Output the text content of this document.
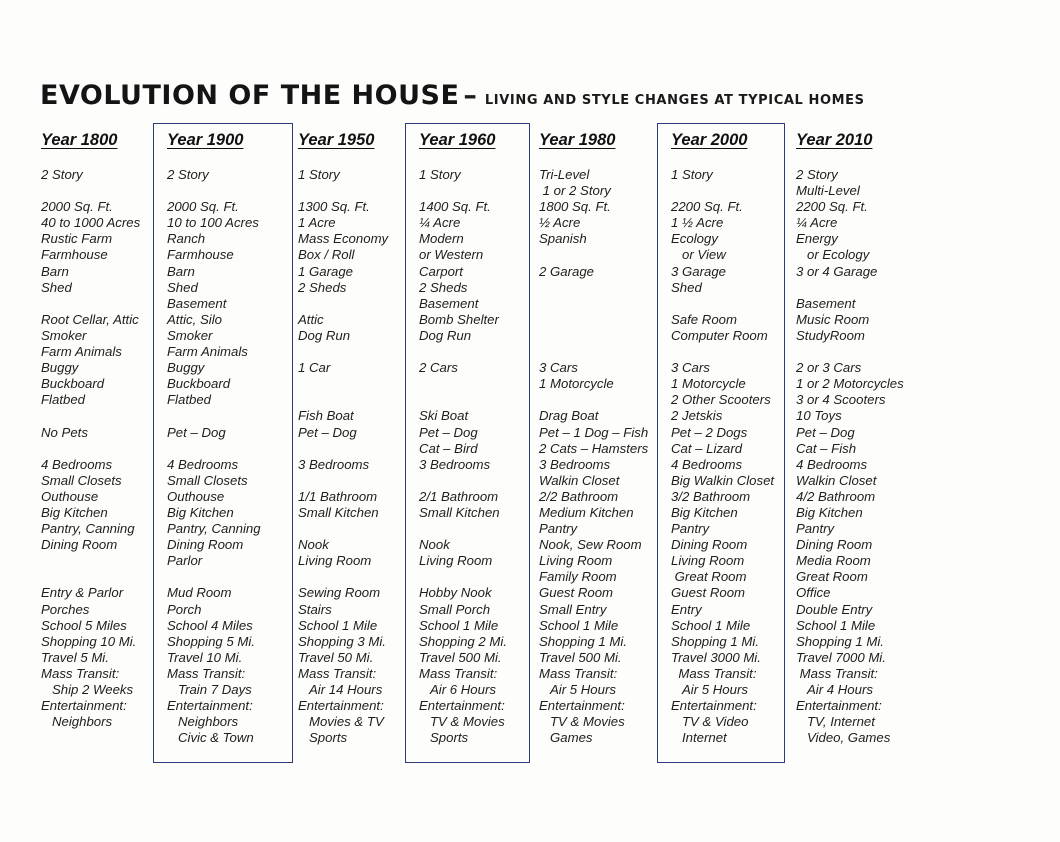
EVOLUTION OF THE HOUSE – LIVING AND STYLE CHANGES AT TYPICAL HOMES
Year 1800
2 Story
2000 Sq. Ft.
40 to 1000 Acres
Rustic Farm
Farmhouse
Barn
Shed
Root Cellar, Attic
Smoker
Farm Animals
Buggy
Buckboard
Flatbed
No Pets
4 Bedrooms
Small Closets
Outhouse
Big Kitchen
Pantry, Canning
Dining Room
Entry & Parlor
Porches
School 5 Miles
Shopping 10 Mi.
Travel 5 Mi.
Mass Transit:
Ship 2 Weeks
Entertainment:
Neighbors
Year 1900
2 Story
2000 Sq. Ft.
10 to 100 Acres
Ranch
Farmhouse
Barn
Shed
Basement
Attic, Silo
Smoker
Farm Animals
Buggy
Buckboard
Flatbed
Pet – Dog
4 Bedrooms
Small Closets
Outhouse
Big Kitchen
Pantry, Canning
Dining Room
Parlor
Mud Room
Porch
School 4 Miles
Shopping 5 Mi.
Travel 10 Mi.
Mass Transit:
Train 7 Days
Entertainment:
Neighbors
Civic & Town
Year 1950
1 Story
1300 Sq. Ft.
1 Acre
Mass Economy
Box / Roll
1 Garage
2 Sheds
Attic
Dog Run
1 Car
Fish Boat
Pet – Dog
3 Bedrooms
1/1 Bathroom
Small Kitchen
Nook
Living Room
Sewing Room
Stairs
School 1 Mile
Shopping 3 Mi.
Travel 50 Mi.
Mass Transit:
Air 14 Hours
Entertainment:
Movies & TV
Sports
Year 1960
1 Story
1400 Sq. Ft.
¼ Acre
Modern
or Western
Carport
2 Sheds
Basement
Bomb Shelter
Dog Run
2 Cars
Ski Boat
Pet – Dog
Cat – Bird
3 Bedrooms
2/1 Bathroom
Small Kitchen
Nook
Living Room
Hobby Nook
Small Porch
School 1 Mile
Shopping 2 Mi.
Travel 500 Mi.
Mass Transit:
Air 6 Hours
Entertainment:
TV & Movies
Sports
Year 1980
Tri-Level
1 or 2 Story
1800 Sq. Ft.
½ Acre
Spanish
2 Garage
3 Cars
1 Motorcycle
Drag Boat
Pet – 1 Dog – Fish
2 Cats – Hamsters
3 Bedrooms
Walkin Closet
2/2 Bathroom
Medium Kitchen
Pantry
Nook, Sew Room
Living Room
Family Room
Guest Room
Small Entry
School 1 Mile
Shopping 1 Mi.
Travel 500 Mi.
Mass Transit:
Air 5 Hours
Entertainment:
TV & Movies
Games
Year 2000
1 Story
2200 Sq. Ft.
1 ½ Acre
Ecology
or View
3 Garage
Shed
Safe Room
Computer Room
3 Cars
1 Motorcycle
2 Other Scooters
2 Jetskis
Pet – 2 Dogs
Cat – Lizard
4 Bedrooms
Big Walkin Closet
3/2 Bathroom
Big Kitchen
Pantry
Dining Room
Living Room
Great Room
Guest Room
Entry
School 1 Mile
Shopping 1 Mi.
Travel 3000 Mi.
Mass Transit:
Air 5 Hours
Entertainment:
TV & Video
Internet
Year 2010
2 Story
Multi-Level
2200 Sq. Ft.
¼ Acre
Energy
or Ecology
3 or 4 Garage
Basement
Music Room
StudyRoom
2 or 3 Cars
1 or 2 Motorcycles
3 or 4 Scooters
10 Toys
Pet – Dog
Cat – Fish
4 Bedrooms
Walkin Closet
4/2 Bathroom
Big Kitchen
Pantry
Dining Room
Media Room
Great Room
Office
Double Entry
School 1 Mile
Shopping 1 Mi.
Travel 7000 Mi.
Mass Transit:
Air 4 Hours
Entertainment:
TV, Internet
Video, Games
